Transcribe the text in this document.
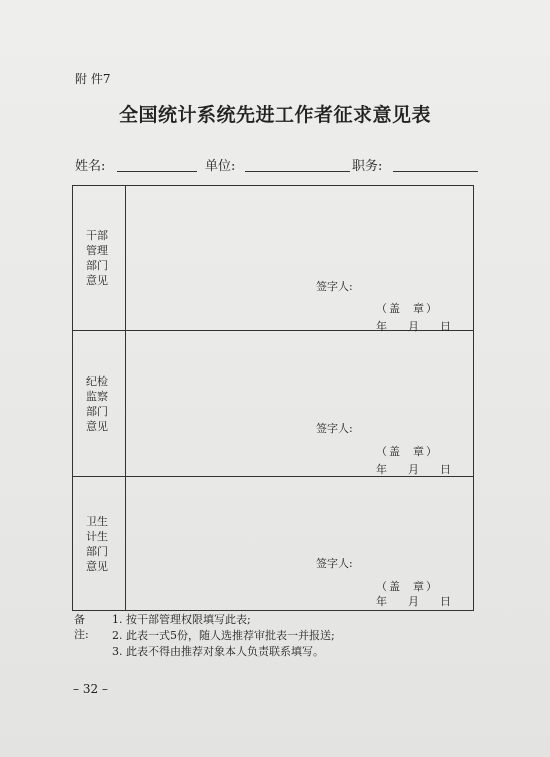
附 件7
全国统计系统先进工作者征求意见表
姓名:	单位:	职务:
干部管理部门意见	签字人:
（盖  章）
年 月 日

纪检监察部门意见	签字人:
（盖  章）
年 月 日

卫生计生部门意见	签字人:
（盖  章）
年 月 日
备注:
1. 按干部管理权限填写此表;
2. 此表一式5份，随人选推荐审批表一并报送;
3. 此表不得由推荐对象本人负责联系填写。
– 32 –
